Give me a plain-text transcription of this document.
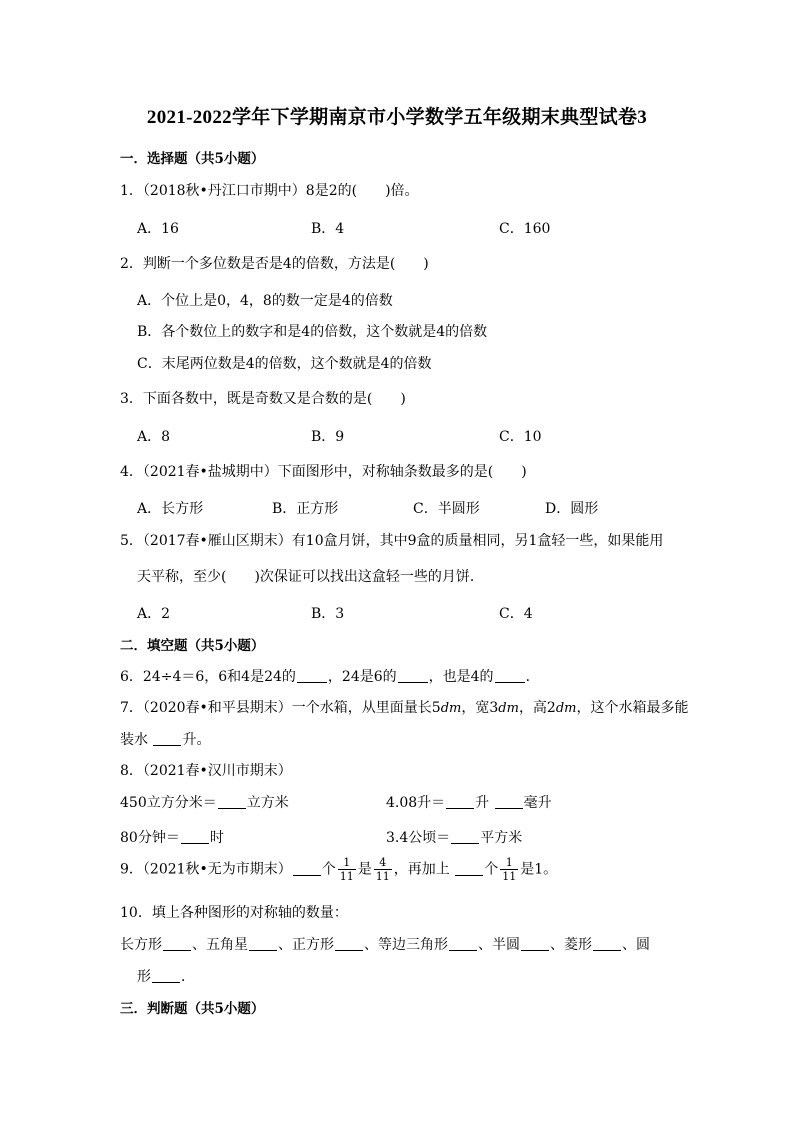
2021-2022学年下学期南京市小学数学五年级期末典型试卷3
一．选择题（共5小题）
1．（2018秋•丹江口市期中）8是2的(　　)倍。
A．16	B．4	C．160
2．判断一个多位数是否是4的倍数，方法是(　　)
A．个位上是0，4，8的数一定是4的倍数
B．各个数位上的数字和是4的倍数，这个数就是4的倍数
C．末尾两位数是4的倍数，这个数就是4的倍数
3．下面各数中，既是奇数又是合数的是(　　)
A．8	B．9	C．10
4．（2021春•盐城期中）下面图形中，对称轴条数最多的是(　　)
A．长方形	B．正方形	C．半圆形	D．圆形
5．（2017春•雁山区期末）有10盒月饼，其中9盒的质量相同，另1盒轻一些，如果能用
天平称，至少(　　)次保证可以找出这盒轻一些的月饼．
A．2	B．3	C．4
二．填空题（共5小题）
6．24÷4＝6，6和4是24的 ，24是6的 ，也是4的 ．
7．（2020春•和平县期末）一个水箱，从里面量长5dm，宽3dm，高2dm，这个水箱最多能
装水 升。
8．（2021春•汉川市期末）
450立方分米＝ 立方米	4.08升＝ 升 毫升
80分钟＝ 时	3.4公顷＝ 平方米
9．（2021秋•无为市期末） 个 $\frac{1}{11}$ 是 $\frac{4}{11}$ ，再加上 个 $\frac{1}{11}$ 是1。
10．填上各种图形的对称轴的数量：
长方形 、五角星 、正方形 、等边三角形 、半圆 、菱形 、圆
形 ．
三．判断题（共5小题）
